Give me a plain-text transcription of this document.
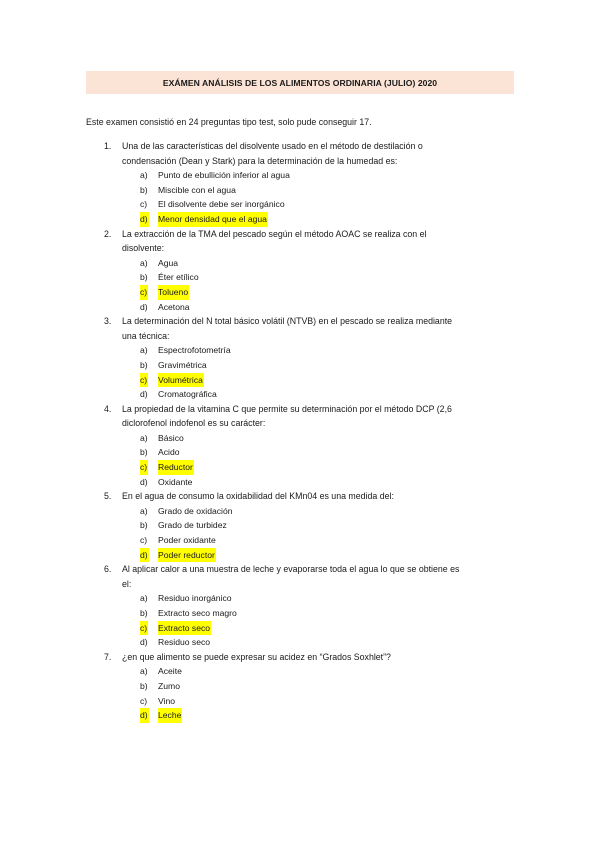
EXÁMEN ANÁLISIS DE LOS ALIMENTOS ORDINARIA (JULIO) 2020
Este examen consistió en 24 preguntas tipo test, solo pude conseguir 17.
1. Una de las características del disolvente usado en el método de destilación o
condensación (Dean y Stark) para la determinación de la humedad es:
a) Punto de ebullición inferior al agua
b) Miscible con el agua
c) El disolvente debe ser inorgánico
d) Menor densidad que el agua
2. La extracción de la TMA del pescado según el método AOAC se realiza con el
disolvente:
a) Agua
b) Éter etílico
c) Tolueno
d) Acetona
3. La determinación del N total básico volátil (NTVB) en el pescado se realiza mediante
una técnica:
a) Espectrofotometría
b) Gravimétrica
c) Volumétrica
d) Cromatográfica
4. La propiedad de la vitamina C que permite su determinación por el método DCP (2,6
diclorofenol indofenol es su carácter:
a) Básico
b) Acido
c) Reductor
d) Oxidante
5. En el agua de consumo la oxidabilidad del KMn04 es una medida del:
a) Grado de oxidación
b) Grado de turbidez
c) Poder oxidante
d) Poder reductor
6. Al aplicar calor a una muestra de leche y evaporarse toda el agua lo que se obtiene es
el:
a) Residuo inorgánico
b) Extracto seco magro
c) Extracto seco
d) Residuo seco
7. ¿en que alimento se puede expresar su acidez en “Grados Soxhlet”?
a) Aceite
b) Zumo
c) Vino
d) Leche
